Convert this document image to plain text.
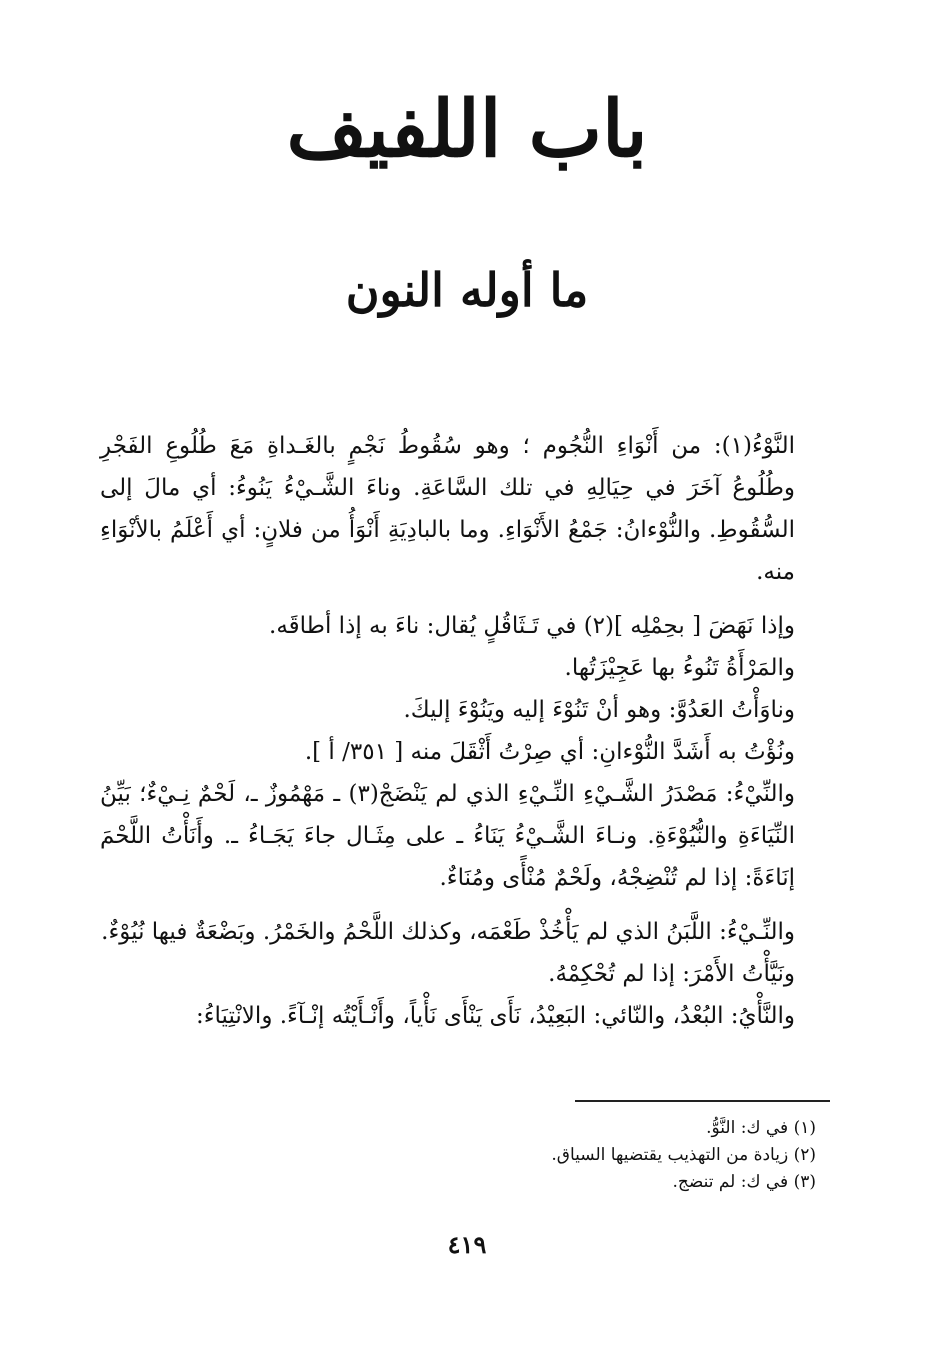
باب اللفيف
ما أوله النون

النَّوْءُ(١): من أَنْوَاءِ النُّجُوم ؛ وهو سُقُوطُ نَجْمٍ بالغَـداةِ مَعَ طُلُوعِ الفَجْرِ وطُلُوعُ آخَرَ في حِيَالِهِ في تلك السَّاعَةِ. وناءَ الشَّـيْءُ يَنُوءُ: أي مالَ إلى السُّقُوطِ. والنُّوْءانُ: جَمْعُ الأَنْوَاءِ. وما بالبادِيَةِ أَنْوَأُ من فلانٍ: أي أَعْلَمُ بالأنْوَاءِ منه.

وإذا نَهَضَ [ بحِمْلِه ](٢) في تَـثَاقُلٍ يُقال: ناءَ به إذا أطاقَه.

والمَرْأَةُ تَنُوءُ بها عَجِيْزَتُها.

وناوَأْتُ العَدُوَّ: وهو أنْ تَنُوْءَ إليه ويَنُوْءَ إليكَ.

ونُؤْتُ به أَشَدَّ النُّوْءانِ: أي صِرْتُ أَثْقَلَ منه [ ٣٥١/ أ ].

والنِّيْءُ: مَصْدَرُ الشَّـيْءِ النِّـيْءِ الذي لم يَنْضَجْ(٣) ـ مَهْمُوزٌ ـ، لَحْمٌ نِـيْءٌ؛ بَيِّنُ النِّيَاءَةِ والنُّيُوْءَةِ. ونـاءَ الشَّـيْءُ يَنَاءُ ـ على مِثَـال جاءَ يَجَـاءُ ـ. وأَنَأْتُ اللَّحْمَ إنَاءَةً: إذا لم تُنْضِجْهُ، ولَحْمٌ مُنْأًى ومُنَاءٌ.

والنِّـيْءُ: اللَّبَنُ الذي لم يَأْخُذْ طَعْمَه، وكذلك اللَّحْمُ والخَمْرُ. وبَضْعَةٌ فيها نُيُوْءٌ.

ونَيَّأْتُ الأَمْرَ: إذا لم تُحْكِمْهُ.

والنَّأْيُ: البُعْدُ، والنّائي: البَعِيْدُ، نَأَى يَنْأَى نَأْياً، وأَنْـأَيْتُه إنْـآءً. والانْتِيَاءُ:

(١) في ك: النَّوُّ.

(٢) زيادة من التهذيب يقتضيها السياق.

(٣) في ك: لم تنضج.

٤١٩
